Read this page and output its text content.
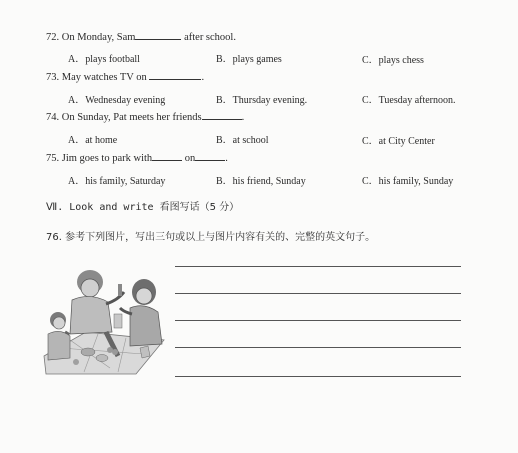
72. On Monday, Sam	after school.
A．plays football	B．plays games	C．plays chess
73. May watches TV on	.
A．Wednesday evening	B．Thursday evening.	C．Tuesday afternoon.
74. On Sunday, Pat meets her friends	.
A．at home	B．at school	C．at City Center
75. Jim goes to park with	on	.
A．his family, Saturday	B．his friend, Sunday	C．his family, Sunday
Ⅶ. Look and write 看图写话（5 分）
76. 参考下列图片，写出三句或以上与图片内容有关的、完整的英文句子。
